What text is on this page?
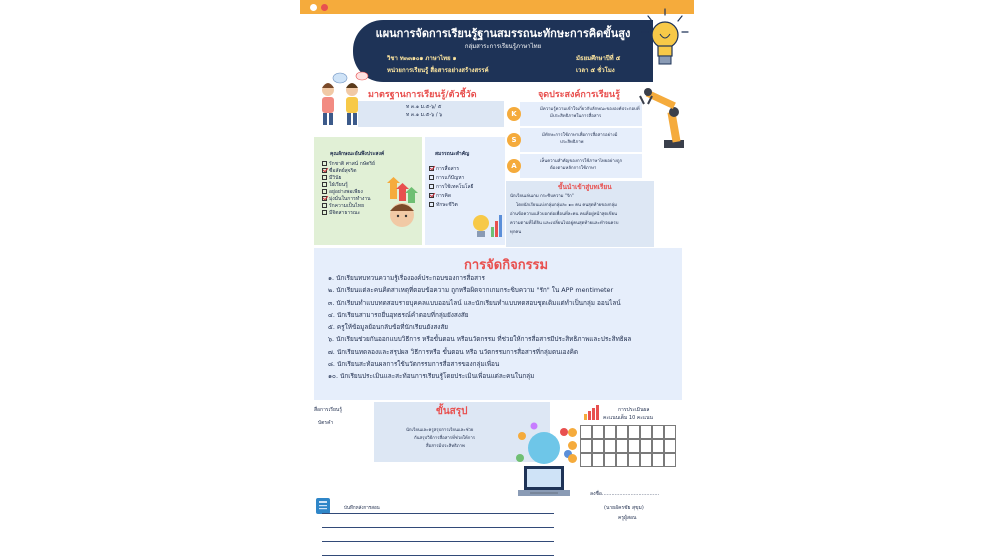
แผนการจัดการเรียนรู้ฐานสมรรถนะทักษะการคิดขั้นสูง
กลุ่มสาระการเรียนรู้ภาษาไทย
วิชา ท๓๓๑๐๑ ภาษาไทย ๑	มัธยมศึกษาปีที่ ๕
หน่วยการเรียนรู้ สื่อสารอย่างสร้างสรรค์	เวลา ๕ ชั่วโมง
มาตรฐานการเรียนรู้/ตัวชี้วัด
ท ๓.๑ ม.๕-๖/ ๕
ท ๓.๑ ม.๕-๖ / ๖
จุดประสงค์การเรียนรู้
มีความรู้ความเข้าใจเกี่ยวกับลักษณะขององค์ประกอบที่
มีประสิทธิภาพในการสื่อสาร
K
มีทักษะการใช้ภาษาเพื่อการสื่อสารอย่างมี
ประสิทธิภาพ
S
เห็นความสำคัญของการใช้ภาษาไทยอย่างถูก
ต้องตามหลักการใช้ภาษา
A
คุณลักษณะอันพึงประสงค์
รักชาติ ศาสน์ กษัตริย์
ซื่อสัตย์สุจริต
มีวินัย
ใฝ่เรียนรู้
อยู่อย่างพอเพียง
มุ่งมั่นในการทำงาน
รักความเป็นไทย
มีจิตสาธารณะ
สมรรถนะสำคัญ
การสื่อสาร
การแก้ปัญหา
การใช้เทคโนโลยี
การคิด
ทักษะชีวิต
ขั้นนำเข้าสู่บทเรียน
นักเรียนเล่นเกม กระซิบความ "รัก"
โดยนักเรียนแบ่งกลุ่มกลุ่มละ ๑๐ คน คนสุดท้ายของกลุ่ม
อ่านข้อความแล้วบอกต่อเพื่อนที่ละคน คนที่อยู่หน้าสุดเขียน
ความตามที่ได้ยิน และเปลี่ยนไปอยู่คนสุดท้ายและทำจนครบ
ทุกคน
การจัดกิจกรรม
๑. นักเรียนทบทวนความรู้เรื่ององค์ประกอบของการสื่อสาร
๒. นักเรียนแต่ละคนคิดสาเหตุที่ตอบข้อความ ถูกหรือผิดจากเกมกระซิบความ "รัก" ใน APP mentimeter
๓. นักเรียนทำแบบทดสอบรายบุคคลแบบออนไลน์ และนักเรียนทำแบบทดสอบชุดเดิมแต่ทำเป็นกลุ่ม ออนไลน์
๔. นักเรียนสามารถยื่นอุทธรณ์คำตอบที่กลุ่มยังสงสัย
๕. ครูให้ข้อมูลย้อนกลับข้อที่นักเรียนยังสงสัย
๖. นักเรียนช่วยกันออกแบบวิธีการ หรือขั้นตอน หรือนวัตกรรม ที่ช่วยให้การสื่อสารมีประสิทธิภาพและประสิทธิผล
๗. นักเรียนทดลองและสรุปผล วิธีการหรือ ขั้นตอน หรือ นวัตกรรมการสื่อสารที่กลุ่มตนเองคิด
๘. นักเรียนสะท้อนผลการใช้นวัตกรรมการสื่อสารของกลุ่มเพื่อน
๑๐. นักเรียนประเมินและสะท้อนการเรียนรู้โดยประเมินเพื่อนแต่ละคนในกลุ่ม
สื่อการเรียนรู้
บัตรคำ
ขั้นสรุป
นักเรียนและครูสรุปการเรียนและช่วย
กันสรุปวิธีการสื่อสารที่ช่วยให้การ
สื่อสารมีประสิทธิภาพ
การประเมินผล
คะแนนเต็ม 10 คะแนน
บันทึกหลังการสอน
ลงชื่อ....................................
(นายอัครชัย สุขุม)
ครูผู้สอน
